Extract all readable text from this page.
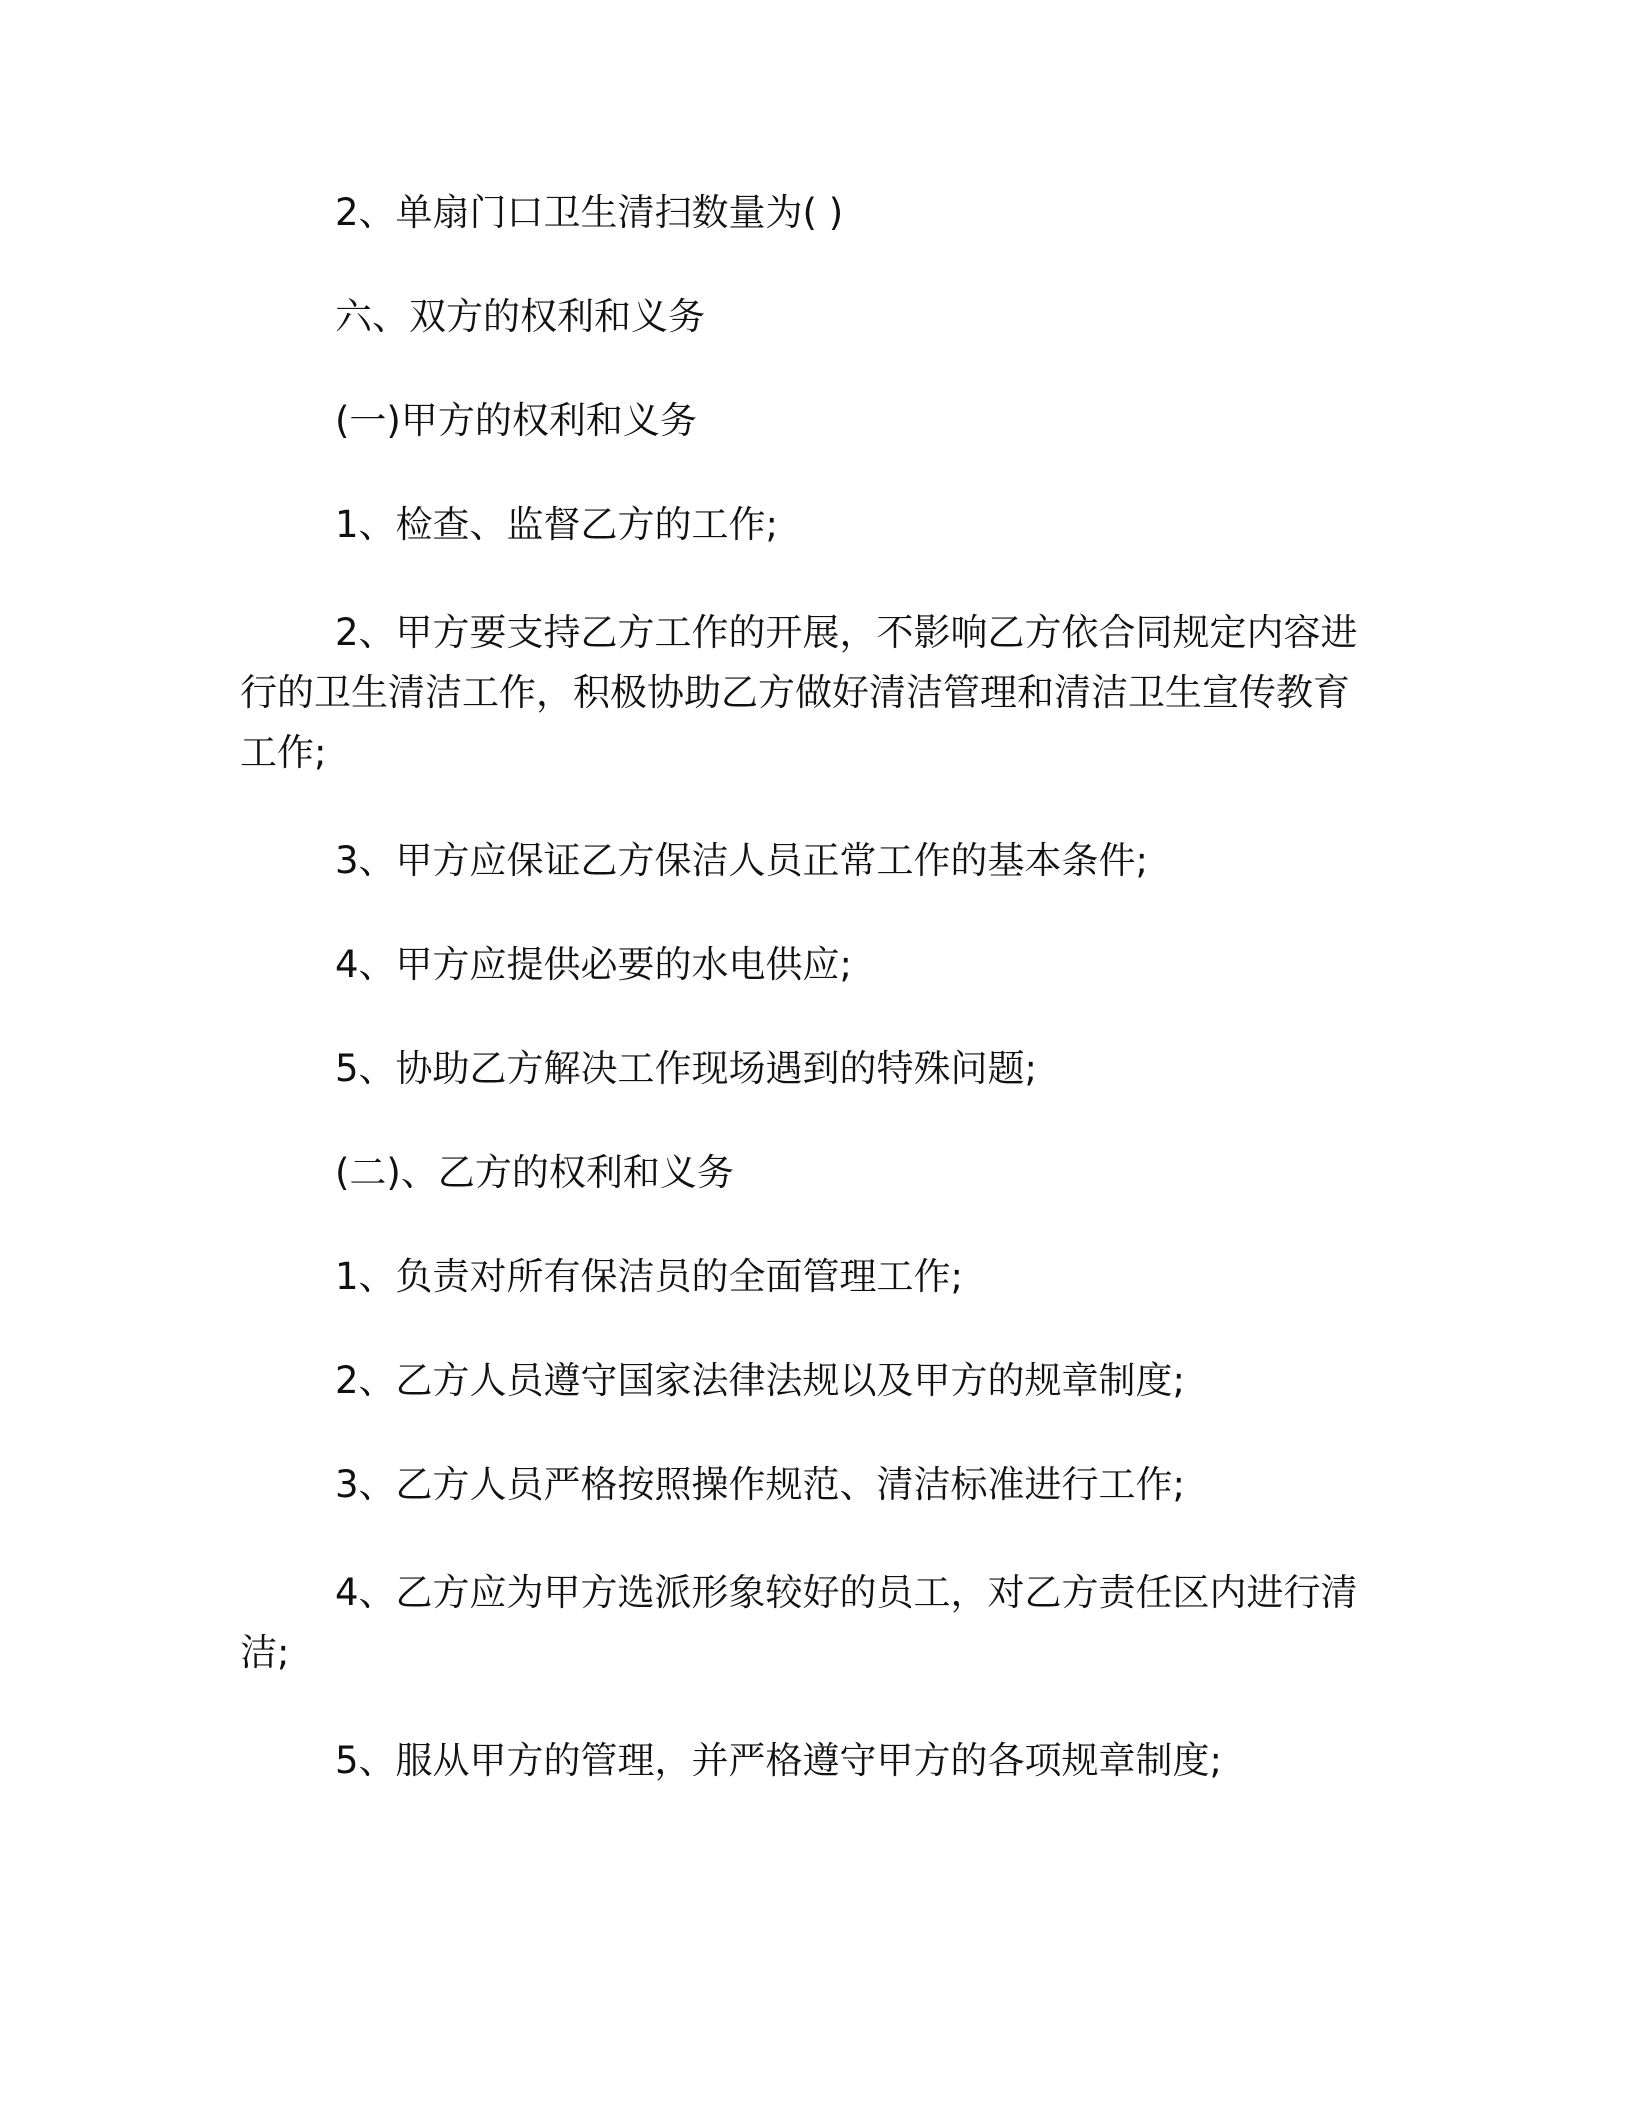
2、单扇门口卫生清扫数量为( )

六、双方的权利和义务

(一)甲方的权利和义务

1、检查、监督乙方的工作;

2、甲方要支持乙方工作的开展，不影响乙方依合同规定内容进行的卫生清洁工作，积极协助乙方做好清洁管理和清洁卫生宣传教育工作;

3、甲方应保证乙方保洁人员正常工作的基本条件;

4、甲方应提供必要的水电供应;

5、协助乙方解决工作现场遇到的特殊问题;

(二)、乙方的权利和义务

1、负责对所有保洁员的全面管理工作;

2、乙方人员遵守国家法律法规以及甲方的规章制度;

3、乙方人员严格按照操作规范、清洁标准进行工作;

4、乙方应为甲方选派形象较好的员工，对乙方责任区内进行清洁;

5、服从甲方的管理，并严格遵守甲方的各项规章制度;
